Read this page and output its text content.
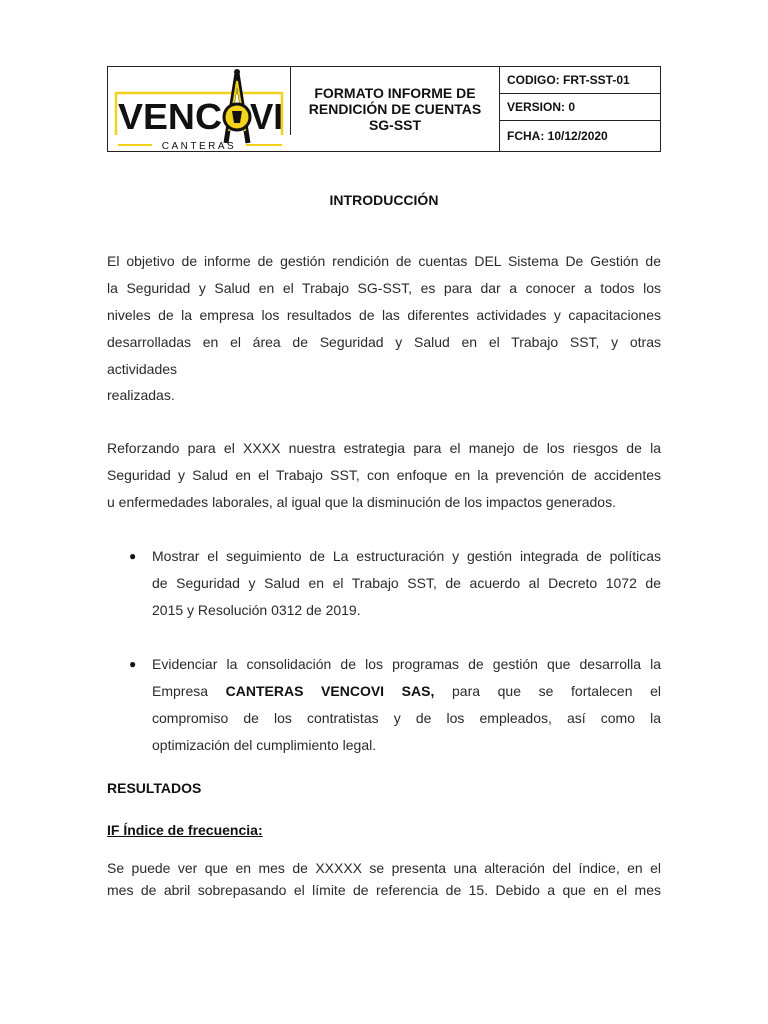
VENC VI
CANTERAS
FORMATO INFORME DE
RENDICIÓN DE CUENTAS
SG-SST
CODIGO: FRT-SST-01
VERSION: 0
FCHA: 10/12/2020
INTRODUCCIÓN
El objetivo de informe de gestión rendición de cuentas DEL Sistema De Gestión de
la Seguridad y Salud en el Trabajo SG-SST, es para dar a conocer a todos los
niveles de la empresa los resultados de las diferentes actividades y capacitaciones
desarrolladas en el área de Seguridad y Salud en el Trabajo SST, y otras
actividades
realizadas.
Reforzando para el XXXX nuestra estrategia para el manejo de los riesgos de la
Seguridad y Salud en el Trabajo SST, con enfoque en la prevención de accidentes
u enfermedades laborales, al igual que la disminución de los impactos generados.
● Mostrar el seguimiento de La estructuración y gestión integrada de políticas
de Seguridad y Salud en el Trabajo SST, de acuerdo al Decreto 1072 de
2015 y Resolución 0312 de 2019.
● Evidenciar la consolidación de los programas de gestión que desarrolla la
Empresa CANTERAS VENCOVI SAS, para que se fortalecen el
compromiso de los contratistas y de los empleados, así como la
optimización del cumplimiento legal.
RESULTADOS
IF Índice de frecuencia:
Se puede ver que en mes de XXXXX se presenta una alteración del índice, en el
mes de abril sobrepasando el límite de referencia de 15. Debido a que en el mes
